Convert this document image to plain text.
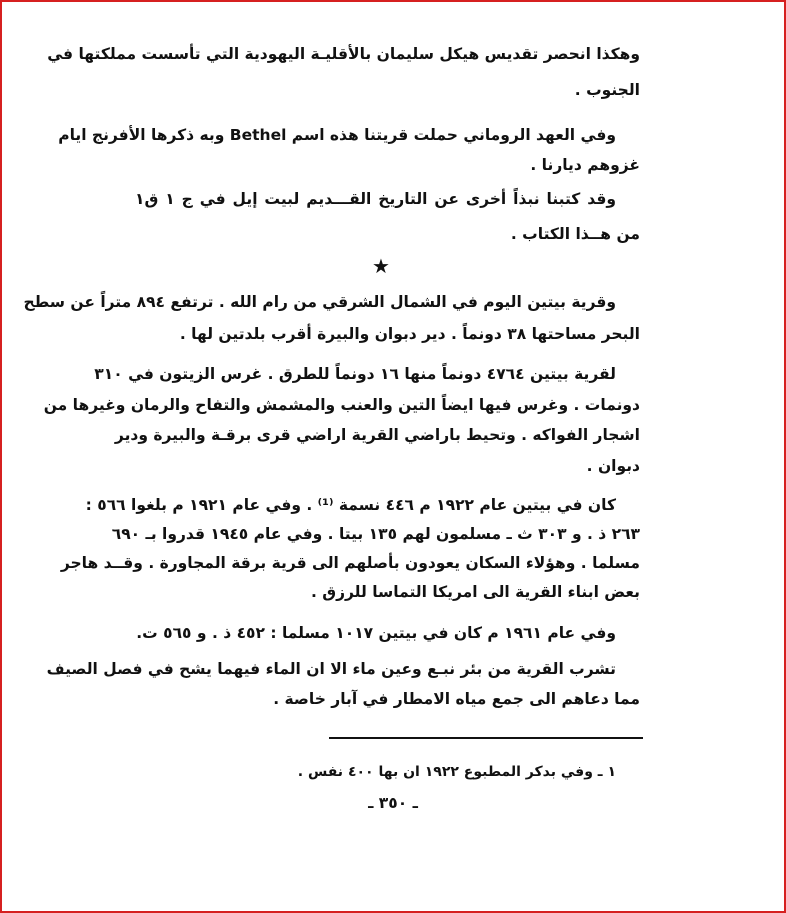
وهكذا انحصر تقديس هيكل سليمان بالأقليـة اليهودية التي تأسست مملكتها في
الجنوب .
وفي العهد الروماني حملت قريتنا هذه اسم Bethel وبه ذكرها الأفرنج ايام
غزوهم ديارنا .
وقد كتبنا نبذاً أخرى عن التاريخ القـــديم لبيت إيل في ج ١ ق١
من هــذا الكتاب .
★
وقرية بيتين اليوم في الشمال الشرقي من رام الله . ترتفع ٨٩٤ متراً عن سطح
البحر مساحتها ٣٨ دونماً . دير دبوان والبيرة أقرب بلدتين لها .
لقرية بيتين ٤٧٦٤ دونماً منها ١٦ دونماً للطرق . غرس الزيتون في ٣١٠
دونمات . وغرس فيها ايضاً التين والعنب والمشمش والتفاح والرمان وغيرها من
اشجار الفواكه . وتحيط باراضي القرية اراضي قرى برقـة والبيرة ودير
دبوان .
كان في بيتين عام ١٩٢٢ م ٤٤٦ نسمة ⁽¹⁾ . وفي عام ١٩٢١ م بلغوا ٥٦٦ :
٢٦٣ ذ . و ٣٠٣ ث ـ مسلمون لهم ١٣٥ بيتا . وفي عام ١٩٤٥ قدروا بـ ٦٩٠
مسلما . وهؤلاء السكان يعودون بأصلهم الى قرية برقة المجاورة . وقــد هاجر
بعض ابناء القرية الى امريكا التماسا للرزق .
وفي عام ١٩٦١ م كان في بيتين ١٠١٧ مسلما : ٤٥٢ ذ . و ٥٦٥ ت.
تشرب القرية من بئر نبـع وعين ماء الا ان الماء فيهما يشح في فصل الصيف
مما دعاهم الى جمع مياه الامطار في آبار خاصة .
١ ـ وفي بدكر المطبوع ١٩٢٢ ان بها ٤٠٠ نفس .
ـ ٣٥٠ ـ
